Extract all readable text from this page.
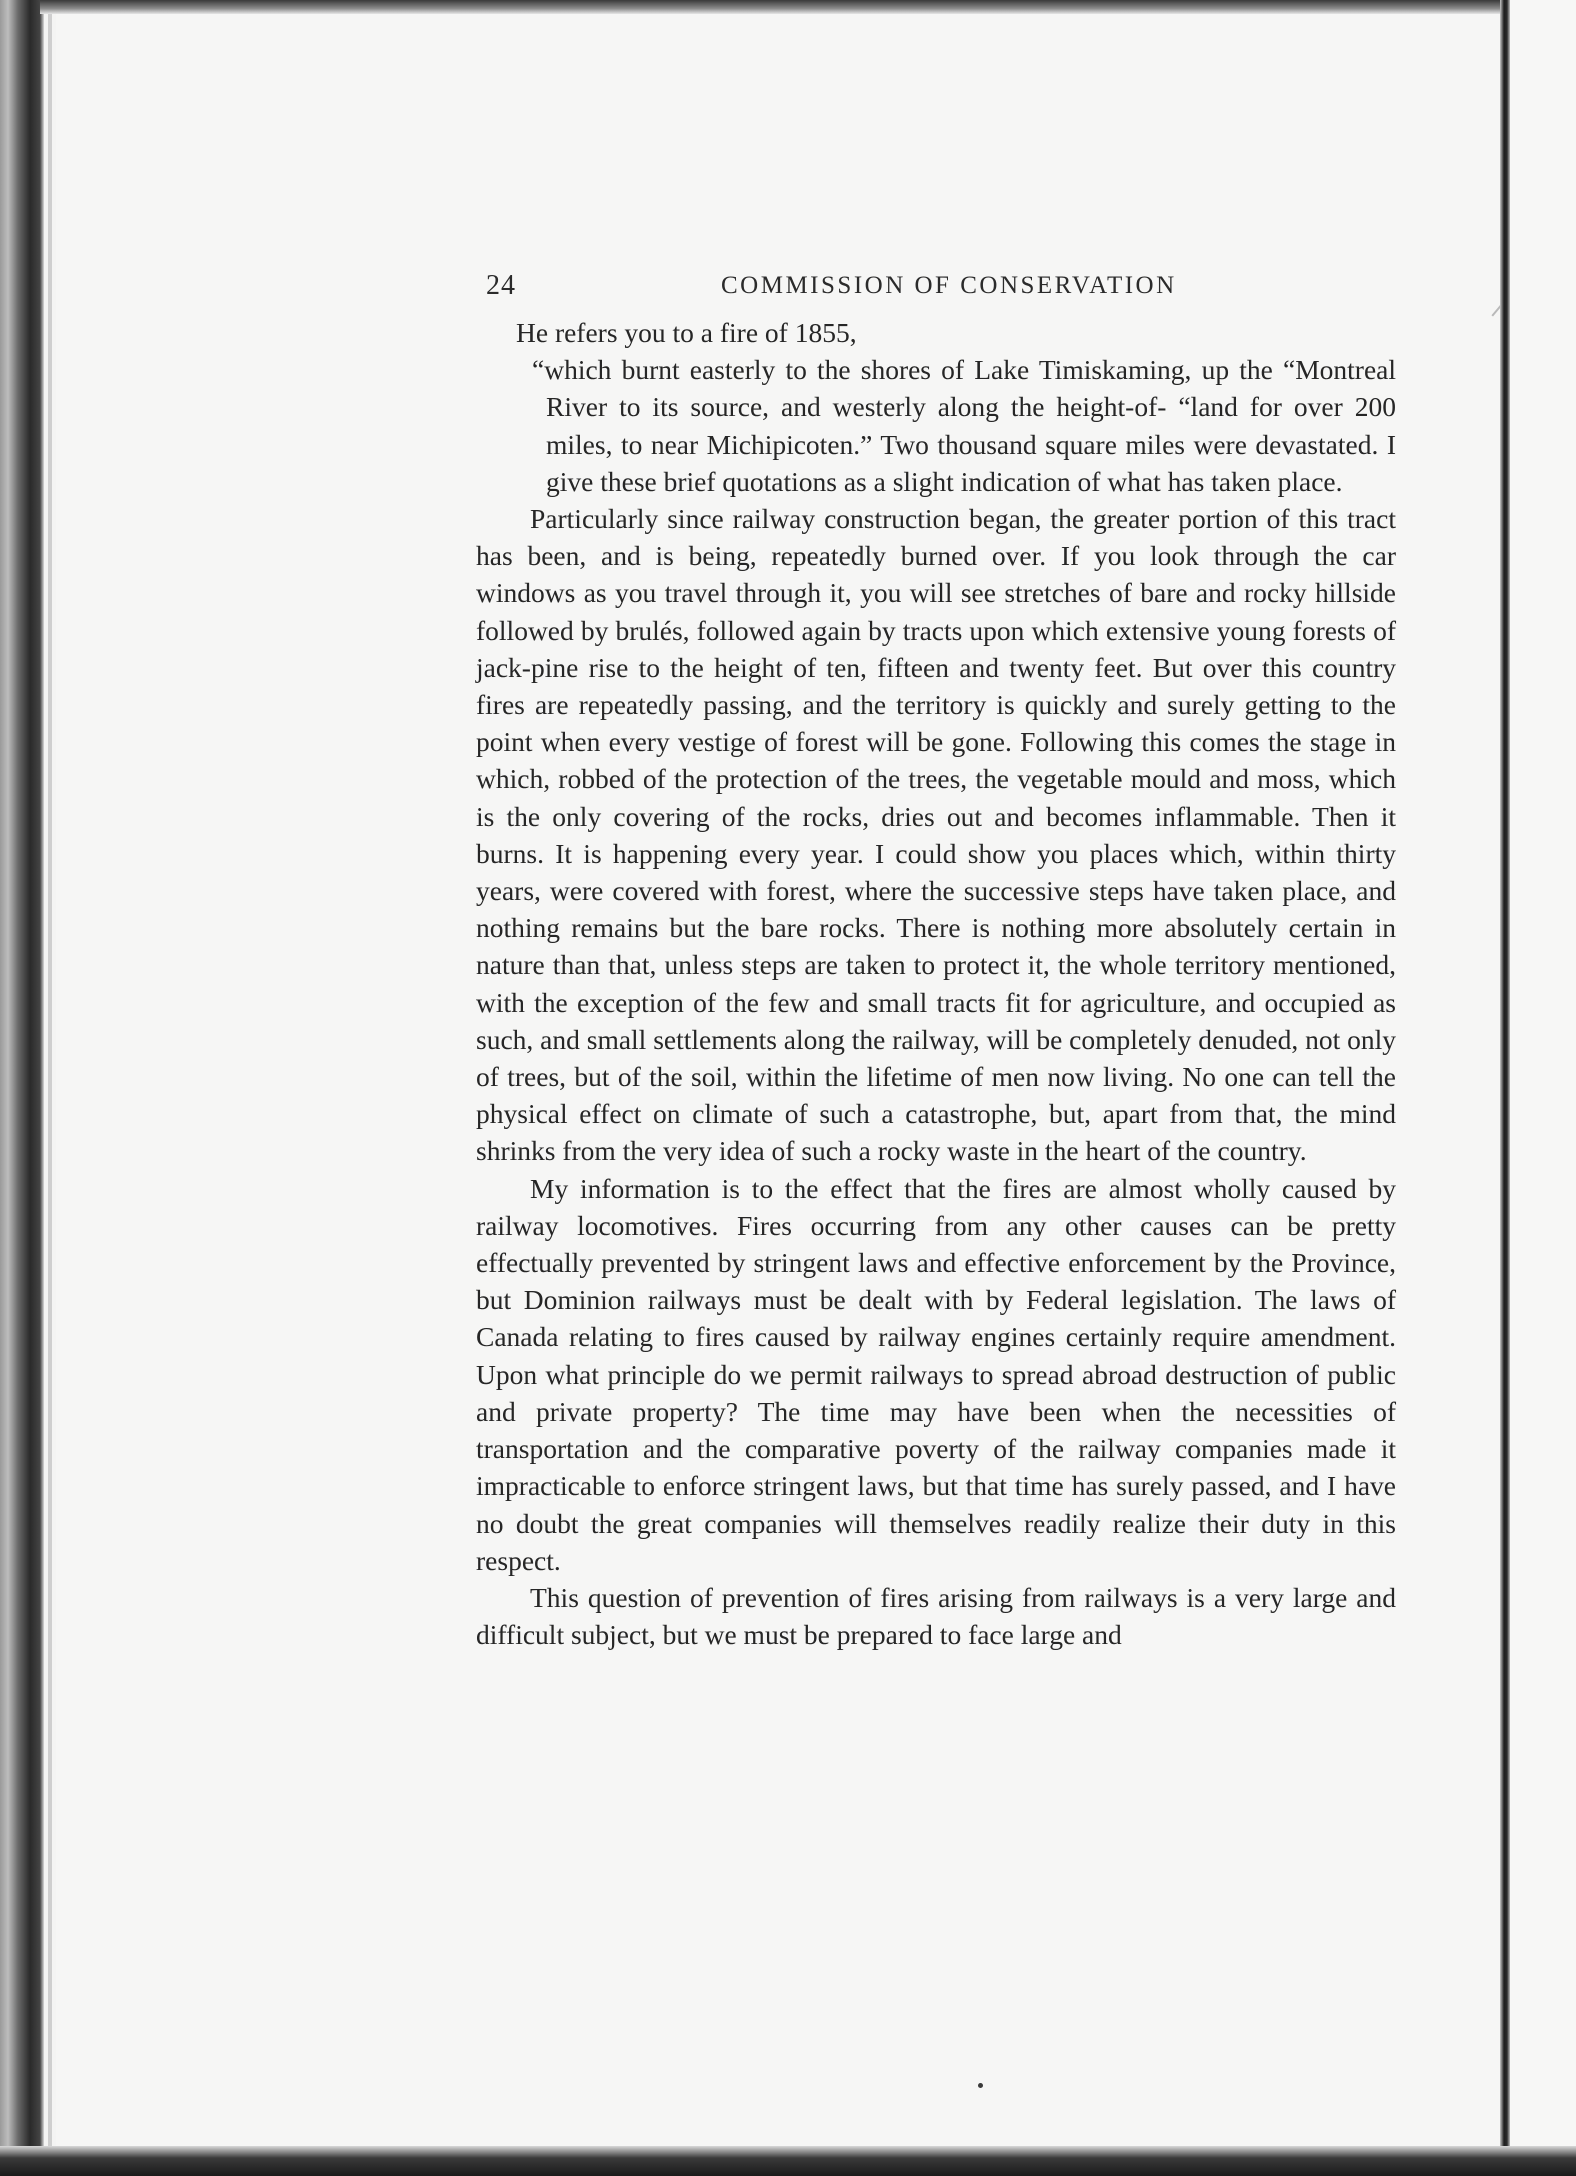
24	COMMISSION OF CONSERVATION

He refers you to a fire of 1855,

“which burnt easterly to the shores of Lake Timiskaming, up the “Montreal River to its source, and westerly along the height-of- “land for over 200 miles, to near Michipicoten.” Two thousand square miles were devastated. I give these brief quotations as a slight indication of what has taken place.

Particularly since railway construction began, the greater portion of this tract has been, and is being, repeatedly burned over. If you look through the car windows as you travel through it, you will see stretches of bare and rocky hillside followed by brulés, followed again by tracts upon which extensive young forests of jack-pine rise to the height of ten, fifteen and twenty feet. But over this country fires are repeatedly passing, and the territory is quickly and surely getting to the point when every vestige of forest will be gone. Following this comes the stage in which, robbed of the protection of the trees, the vegetable mould and moss, which is the only covering of the rocks, dries out and becomes inflammable. Then it burns. It is happening every year. I could show you places which, within thirty years, were covered with forest, where the successive steps have taken place, and nothing remains but the bare rocks. There is nothing more absolutely certain in nature than that, unless steps are taken to protect it, the whole territory mentioned, with the exception of the few and small tracts fit for agriculture, and occupied as such, and small settlements along the railway, will be completely denuded, not only of trees, but of the soil, within the lifetime of men now living. No one can tell the physical effect on climate of such a catastrophe, but, apart from that, the mind shrinks from the very idea of such a rocky waste in the heart of the country.

My information is to the effect that the fires are almost wholly caused by railway locomotives. Fires occurring from any other causes can be pretty effectually prevented by stringent laws and effective enforcement by the Province, but Dominion railways must be dealt with by Federal legislation. The laws of Canada relating to fires caused by railway engines certainly require amendment. Upon what principle do we permit railways to spread abroad destruction of public and private property? The time may have been when the necessities of transportation and the comparative poverty of the railway companies made it impracticable to enforce stringent laws, but that time has surely passed, and I have no doubt the great companies will themselves readily realize their duty in this respect.

This question of prevention of fires arising from railways is a very large and difficult subject, but we must be prepared to face large and
